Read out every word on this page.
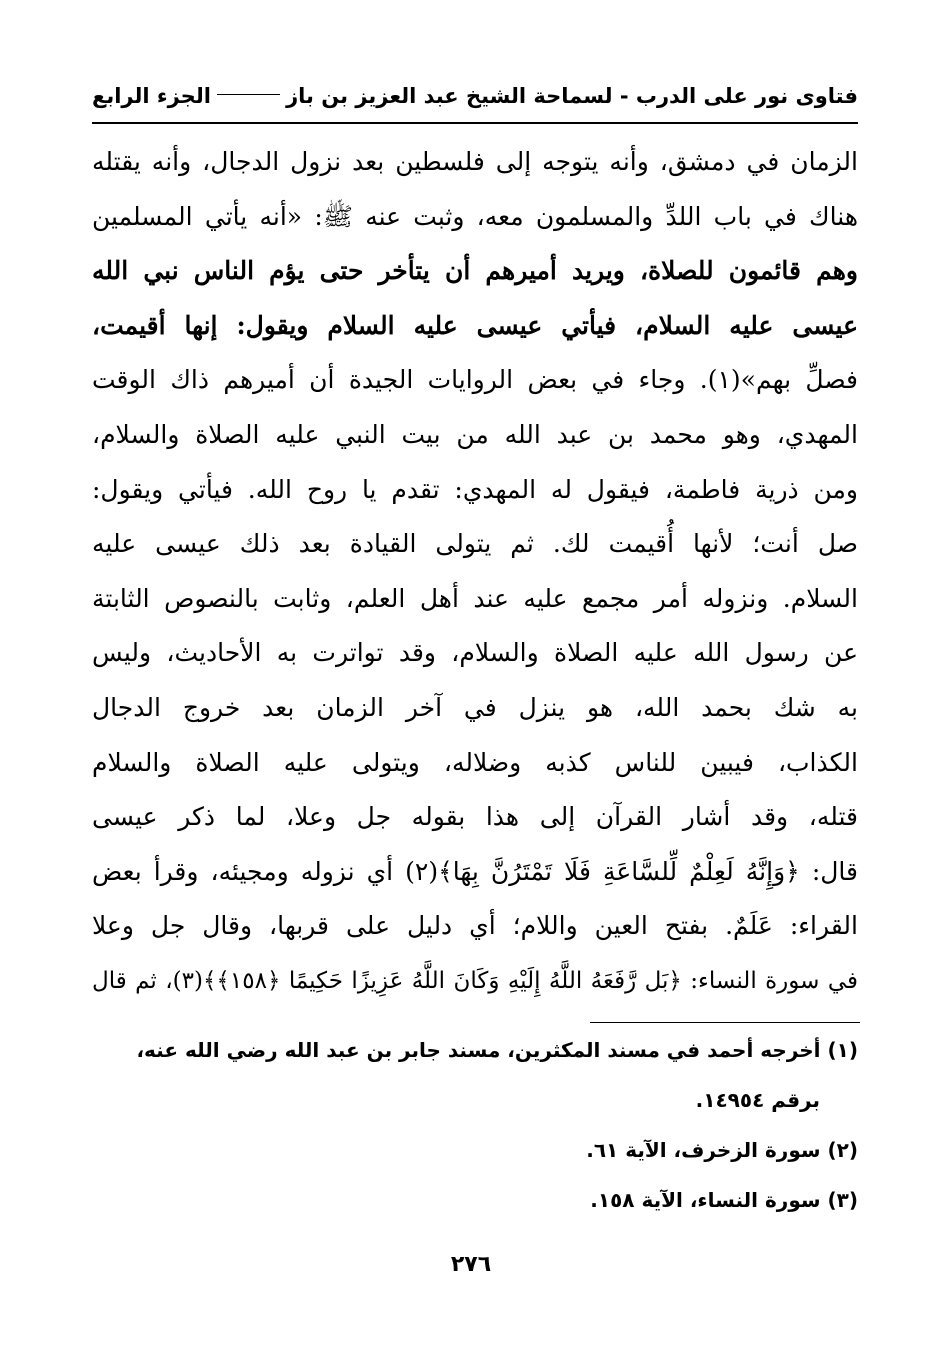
فتاوى نور على الدرب - لسماحة الشيخ عبد العزيز بن باز
الجزء الرابع
الزمان في دمشق، وأنه يتوجه إلى فلسطين بعد نزول الدجال، وأنه يقتله
هناك في باب اللدِّ والمسلمون معه، وثبت عنه ﷺ: «أنه يأتي المسلمين
وهم قائمون للصلاة، ويريد أميرهم أن يتأخر حتى يؤم الناس نبي الله
عيسى عليه السلام، فيأتي عيسى عليه السلام ويقول: إنها أقيمت،
فصلِّ بهم»(١). وجاء في بعض الروايات الجيدة أن أميرهم ذاك الوقت
المهدي، وهو محمد بن عبد الله من بيت النبي عليه الصلاة والسلام،
ومن ذرية فاطمة، فيقول له المهدي: تقدم يا روح الله. فيأتي ويقول:
صل أنت؛ لأنها أُقيمت لك. ثم يتولى القيادة بعد ذلك عيسى عليه
السلام. ونزوله أمر مجمع عليه عند أهل العلم، وثابت بالنصوص الثابتة
عن رسول الله عليه الصلاة والسلام، وقد تواترت به الأحاديث، وليس
به شك بحمد الله، هو ينزل في آخر الزمان بعد خروج الدجال
الكذاب، فيبين للناس كذبه وضلاله، ويتولى عليه الصلاة والسلام
قتله، وقد أشار القرآن إلى هذا بقوله جل وعلا، لما ذكر عيسى
قال: ﴿وَإِنَّهُ لَعِلْمٌ لِّلسَّاعَةِ فَلَا تَمْتَرُنَّ بِهَا﴾(٢) أي نزوله ومجيئه، وقرأ بعض
القراء: عَلَمٌ. بفتح العين واللام؛ أي دليل على قربها، وقال جل وعلا
في سورة النساء: ﴿بَل رَّفَعَهُ اللَّهُ إِلَيْهِ وَكَانَ اللَّهُ عَزِيزًا حَكِيمًا ﴿١٥٨﴾﴾(٣)، ثم قال
(١) أخرجه أحمد في مسند المكثرين، مسند جابر بن عبد الله رضي الله عنه،
برقم ١٤٩٥٤.
(٢) سورة الزخرف، الآية ٦١.
(٣) سورة النساء، الآية ١٥٨.
٢٧٦
